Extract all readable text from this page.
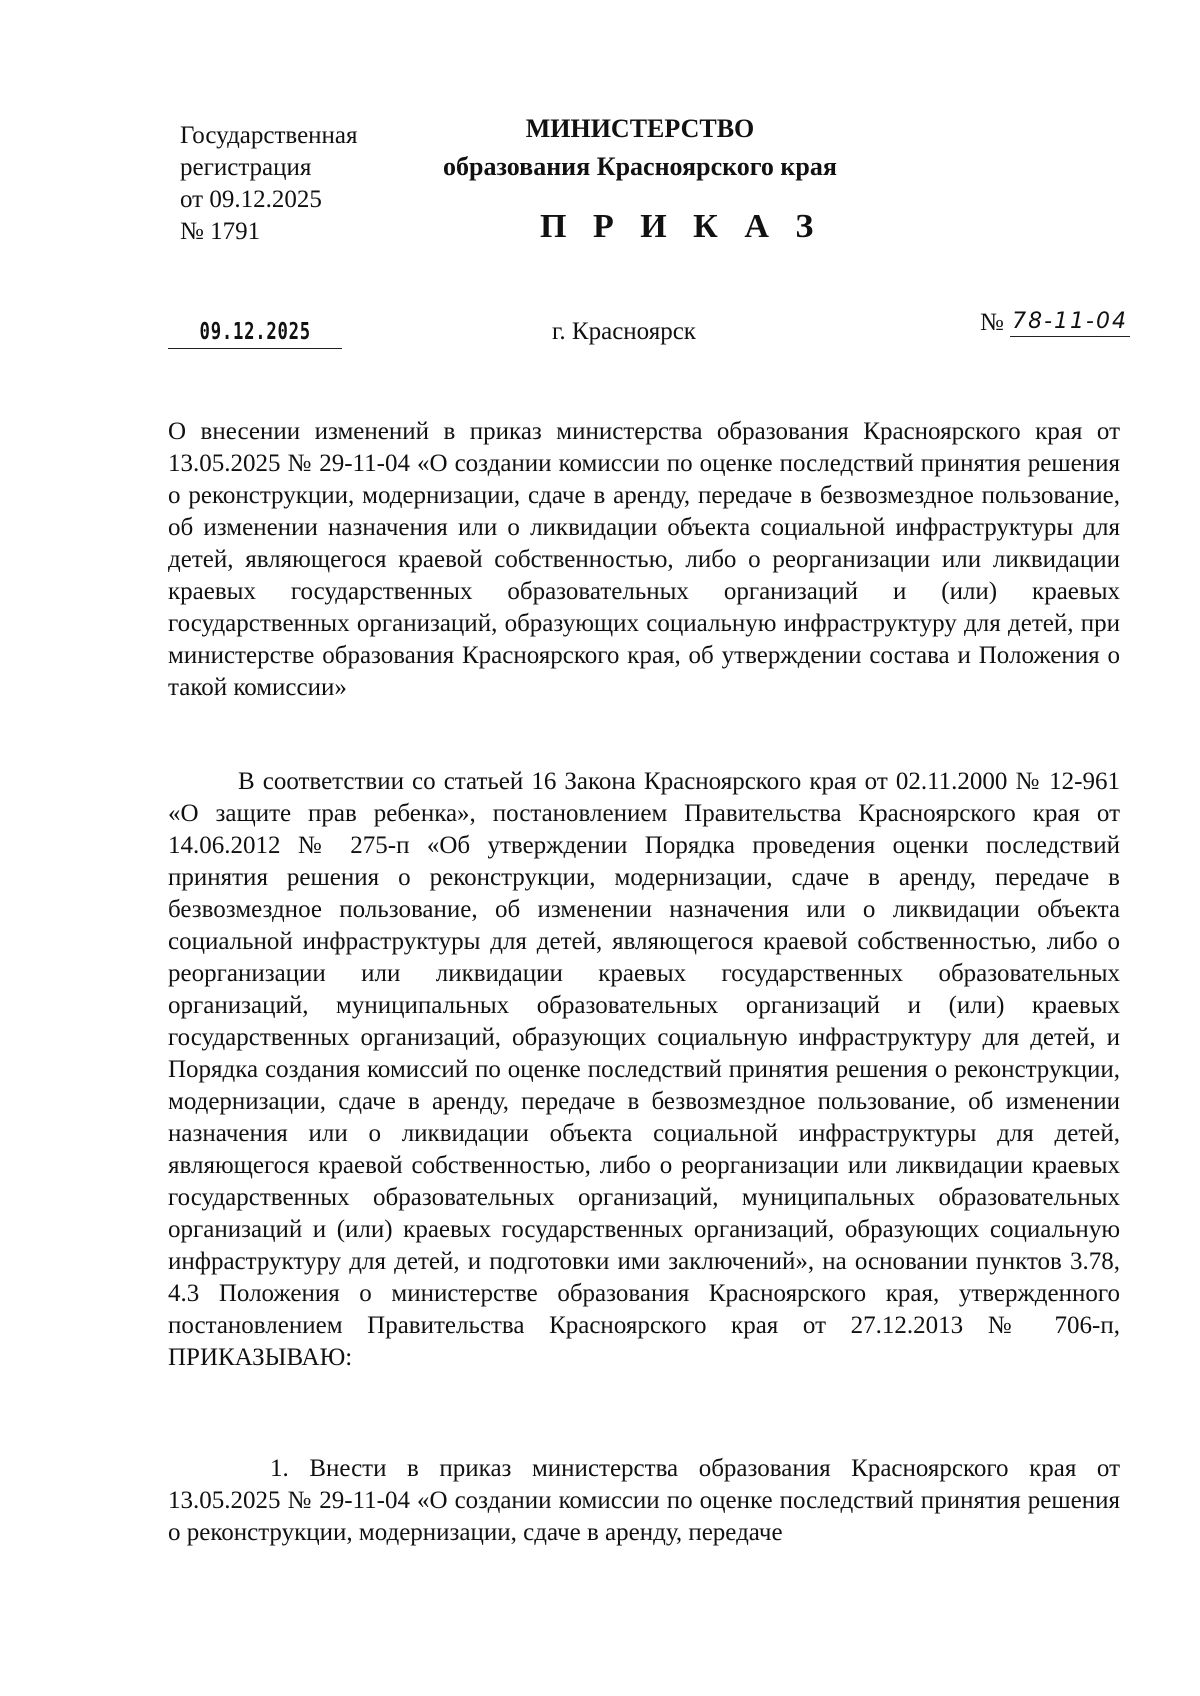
Государственная
регистрация
от 09.12.2025
№ 1791
МИНИСТЕРСТВО
образования Красноярского края
П Р И К А З
09.12.2025	г. Красноярск	№ 78-11-04
О внесении изменений в приказ министерства образования Красноярского края от 13.05.2025 № 29-11-04 «О создании комиссии по оценке последствий принятия решения о реконструкции, модернизации, сдаче в аренду, передаче в безвозмездное пользование, об изменении назначения или о ликвидации объекта социальной инфраструктуры для детей, являющегося краевой собственностью, либо о реорганизации или ликвидации краевых государственных образовательных организаций и (или) краевых государственных организаций, образующих социальную инфраструктуру для детей, при министерстве образования Красноярского края, об утверждении состава и Положения о такой комиссии»
В соответствии со статьей 16 Закона Красноярского края от 02.11.2000 № 12-961 «О защите прав ребенка», постановлением Правительства Красноярского края от 14.06.2012 № 275-п «Об утверждении Порядка проведения оценки последствий принятия решения о реконструкции, модернизации, сдаче в аренду, передаче в безвозмездное пользование, об изменении назначения или о ликвидации объекта социальной инфраструктуры для детей, являющегося краевой собственностью, либо о реорганизации или ликвидации краевых государственных образовательных организаций, муниципальных образовательных организаций и (или) краевых государственных организаций, образующих социальную инфраструктуру для детей, и Порядка создания комиссий по оценке последствий принятия решения о реконструкции, модернизации, сдаче в аренду, передаче в безвозмездное пользование, об изменении назначения или о ликвидации объекта социальной инфраструктуры для детей, являющегося краевой собственностью, либо о реорганизации или ликвидации краевых государственных образовательных организаций, муниципальных образовательных организаций и (или) краевых государственных организаций, образующих социальную инфраструктуру для детей, и подготовки ими заключений», на основании пунктов 3.78, 4.3 Положения о министерстве образования Красноярского края, утвержденного постановлением Правительства Красноярского края от 27.12.2013 № 706-п, ПРИКАЗЫВАЮ:
1. Внести в приказ министерства образования Красноярского края от 13.05.2025 № 29-11-04 «О создании комиссии по оценке последствий принятия решения о реконструкции, модернизации, сдаче в аренду, передаче
